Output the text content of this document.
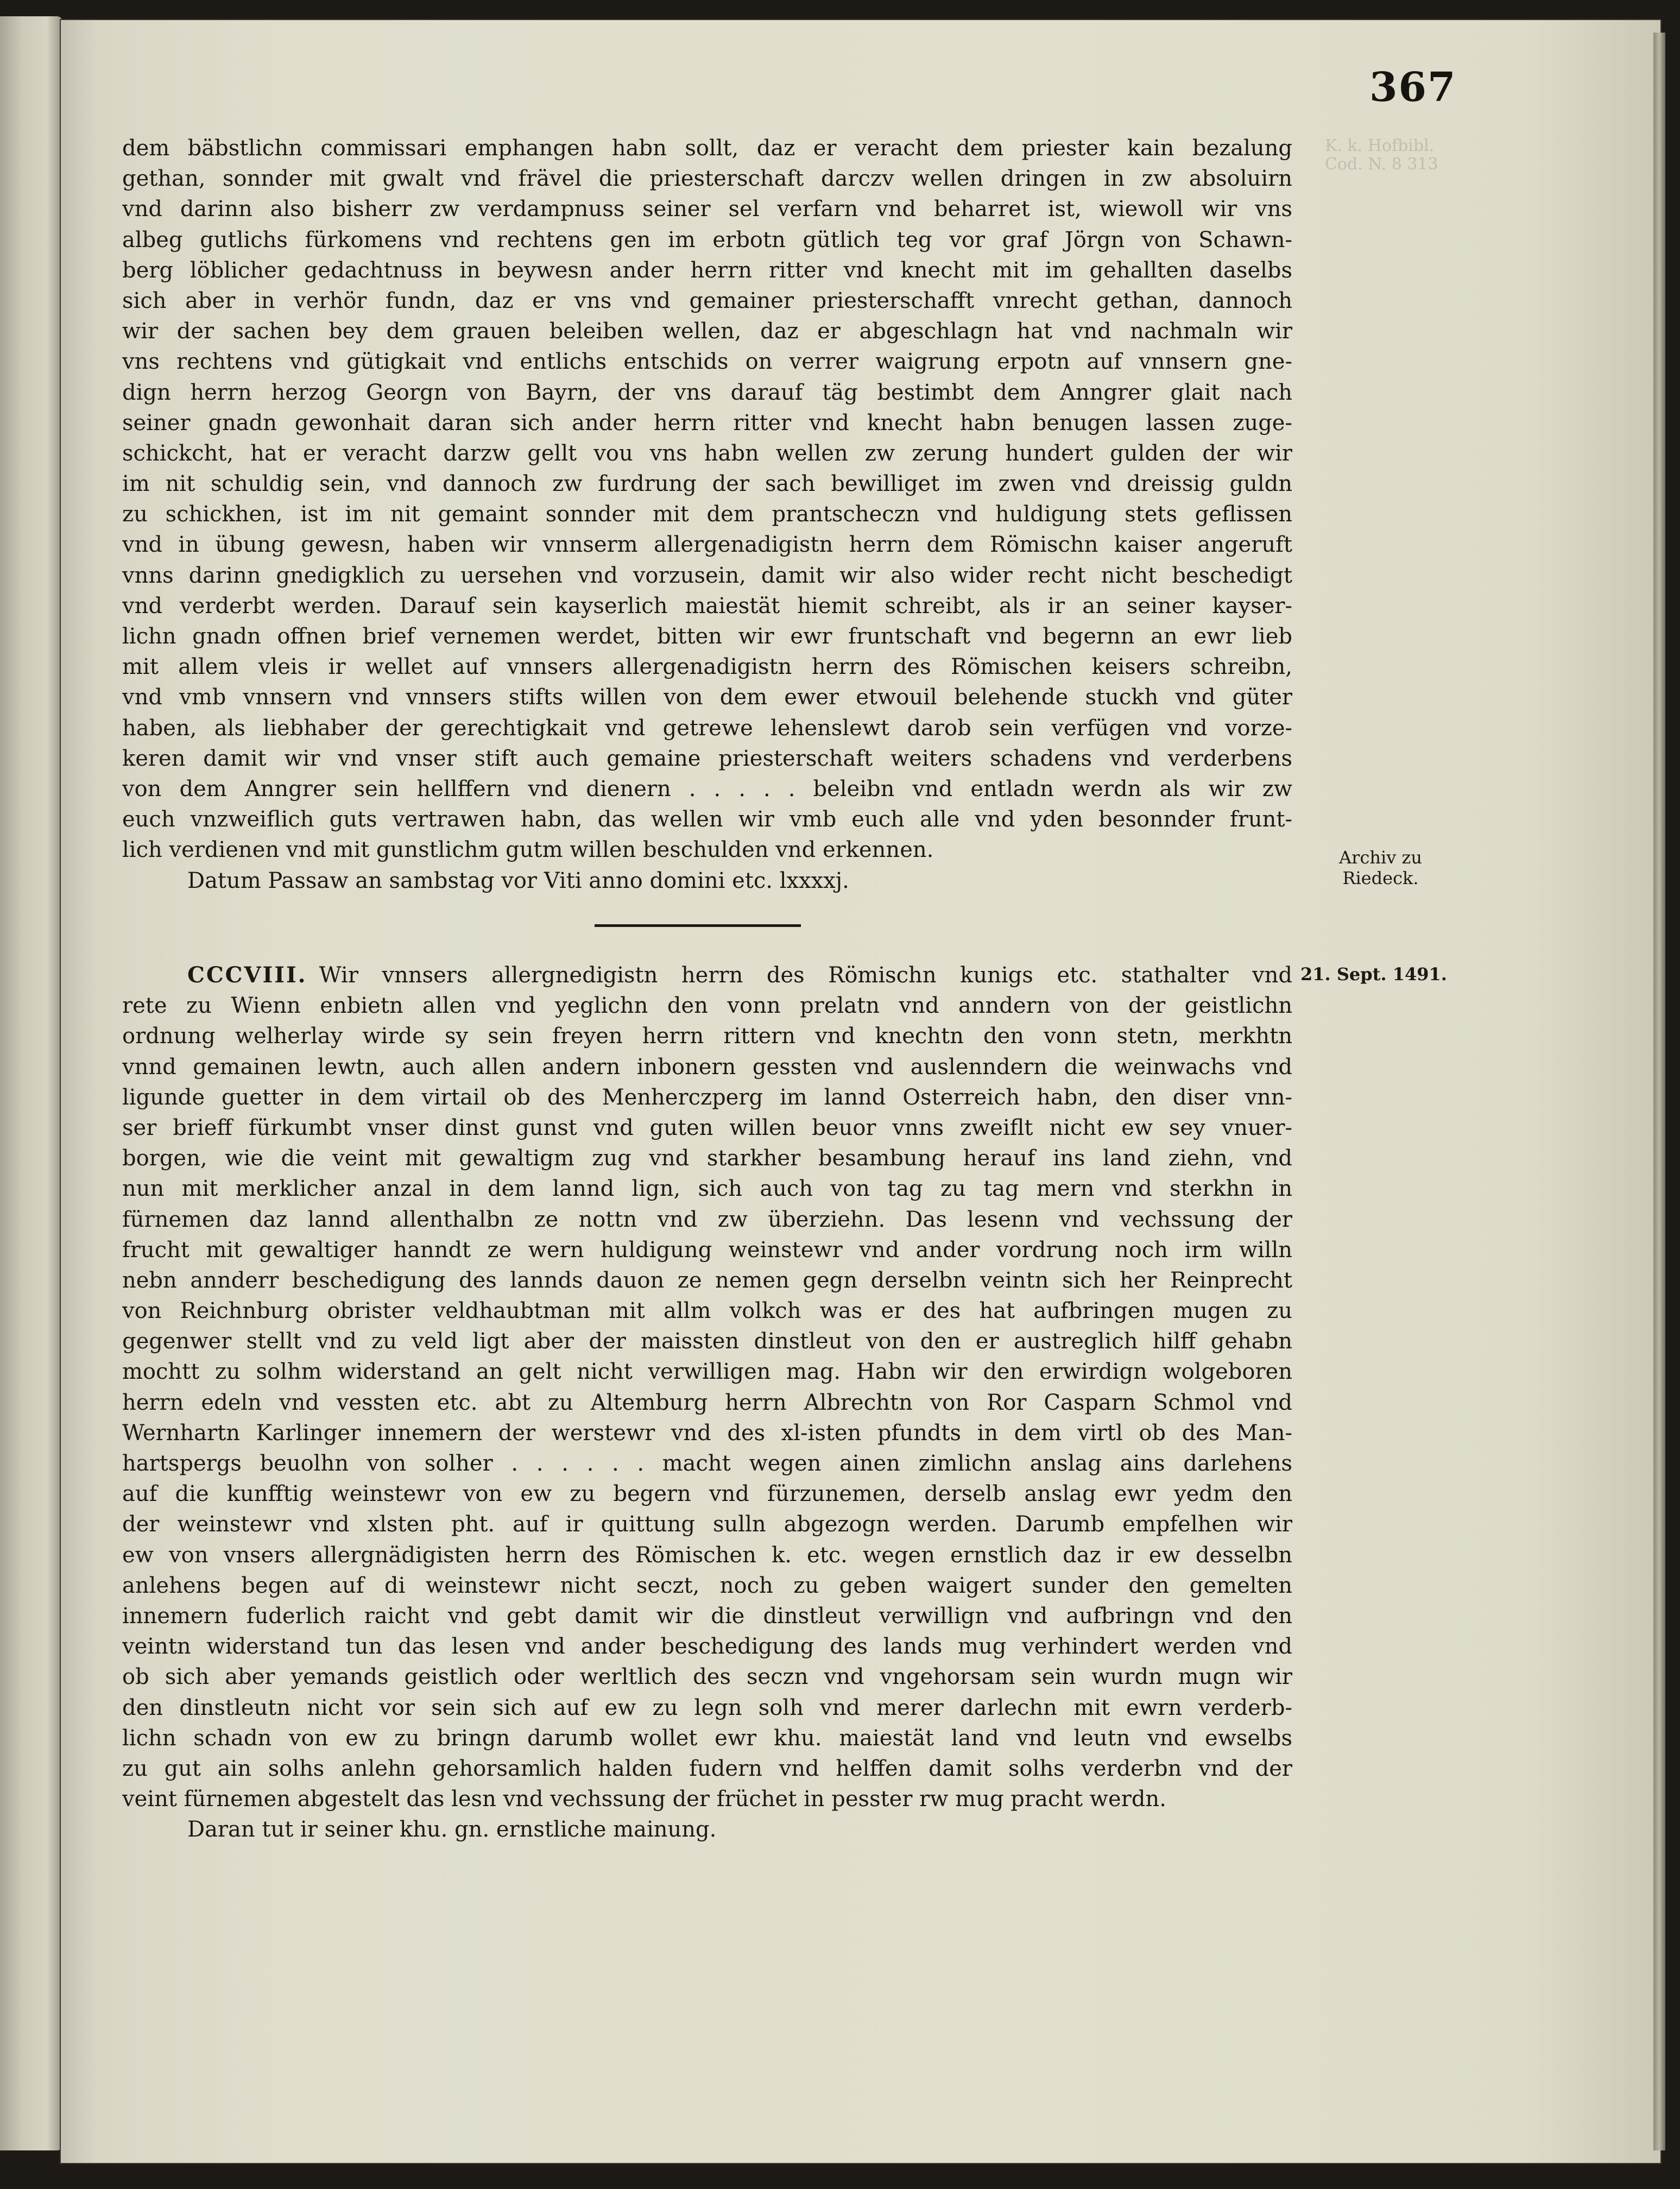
367
K. k. Hofbibl.
Cod. N. 8 313
dem bäbstlichn commissari emphangen habn sollt, daz er veracht dem priester kain bezalung
gethan, sonnder mit gwalt vnd frävel die priesterschaft darczv wellen dringen in zw absoluirn
vnd darinn also bisherr zw verdampnuss seiner sel verfarn vnd beharret ist, wiewoll wir vns
albeg gutlichs fürkomens vnd rechtens gen im erbotn gütlich teg vor graf Jörgn von Schawn-
berg löblicher gedachtnuss in beywesn ander herrn ritter vnd knecht mit im gehallten daselbs
sich aber in verhör fundn, daz er vns vnd gemainer priesterschafft vnrecht gethan, dannoch
wir der sachen bey dem grauen beleiben wellen, daz er abgeschlagn hat vnd nachmaln wir
vns rechtens vnd gütigkait vnd entlichs entschids on verrer waigrung erpotn auf vnnsern gne-
dign herrn herzog Georgn von Bayrn, der vns darauf täg bestimbt dem Anngrer glait nach
seiner gnadn gewonhait daran sich ander herrn ritter vnd knecht habn benugen lassen zuge-
schickcht, hat er veracht darzw gellt vou vns habn wellen zw zerung hundert gulden der wir
im nit schuldig sein, vnd dannoch zw furdrung der sach bewilliget im zwen vnd dreissig guldn
zu schickhen, ist im nit gemaint sonnder mit dem prantscheczn vnd huldigung stets geflissen
vnd in übung gewesn, haben wir vnnserm allergenadigistn herrn dem Römischn kaiser angeruft
vnns darinn gnedigklich zu uersehen vnd vorzusein, damit wir also wider recht nicht beschedigt
vnd verderbt werden. Darauf sein kayserlich maiestät hiemit schreibt, als ir an seiner kayser-
lichn gnadn offnen brief vernemen werdet, bitten wir ewr fruntschaft vnd begernn an ewr lieb
mit allem vleis ir wellet auf vnnsers allergenadigistn herrn des Römischen keisers schreibn,
vnd vmb vnnsern vnd vnnsers stifts willen von dem ewer etwouil belehende stuckh vnd güter
haben, als liebhaber der gerechtigkait vnd getrewe lehenslewt darob sein verfügen vnd vorze-
keren damit wir vnd vnser stift auch gemaine priesterschaft weiters schadens vnd verderbens
von dem Anngrer sein hellffern vnd dienern . . . . . beleibn vnd entladn werdn als wir zw
euch vnzweiflich guts vertrawen habn, das wellen wir vmb euch alle vnd yden besonnder frunt-
lich verdienen vnd mit gunstlichm gutm willen beschulden vnd erkennen.
Datum Passaw an sambstag vor Viti anno domini etc. lxxxxj.
Archiv zu
Riedeck.
21. Sept. 1491.
CCCVIII. Wir vnnsers allergnedigistn herrn des Römischn kunigs etc. stathalter vnd
rete zu Wienn enbietn allen vnd yeglichn den vonn prelatn vnd anndern von der geistlichn
ordnung welherlay wirde sy sein freyen herrn rittern vnd knechtn den vonn stetn, merkhtn
vnnd gemainen lewtn, auch allen andern inbonern gessten vnd auslenndern die weinwachs vnd
ligunde guetter in dem virtail ob des Menherczperg im lannd Osterreich habn, den diser vnn-
ser brieff fürkumbt vnser dinst gunst vnd guten willen beuor vnns zweiflt nicht ew sey vnuer-
borgen, wie die veint mit gewaltigm zug vnd starkher besambung herauf ins land ziehn, vnd
nun mit merklicher anzal in dem lannd lign, sich auch von tag zu tag mern vnd sterkhn in
fürnemen daz lannd allenthalbn ze nottn vnd zw überziehn. Das lesenn vnd vechssung der
frucht mit gewaltiger hanndt ze wern huldigung weinstewr vnd ander vordrung noch irm willn
nebn annderr beschedigung des lannds dauon ze nemen gegn derselbn veintn sich her Reinprecht
von Reichnburg obrister veldhaubtman mit allm volkch was er des hat aufbringen mugen zu
gegenwer stellt vnd zu veld ligt aber der maissten dinstleut von den er austreglich hilff gehabn
mochtt zu solhm widerstand an gelt nicht verwilligen mag. Habn wir den erwirdign wolgeboren
herrn edeln vnd vessten etc. abt zu Altemburg herrn Albrechtn von Ror Casparn Schmol vnd
Wernhartn Karlinger innemern der werstewr vnd des xl-isten pfundts in dem virtl ob des Man-
hartspergs beuolhn von solher . . . . . . macht wegen ainen zimlichn anslag ains darlehens
auf die kunfftig weinstewr von ew zu begern vnd fürzunemen, derselb anslag ewr yedm den
der weinstewr vnd xlsten pht. auf ir quittung sulln abgezogn werden. Darumb empfelhen wir
ew von vnsers allergnädigisten herrn des Römischen k. etc. wegen ernstlich daz ir ew desselbn
anlehens begen auf di weinstewr nicht seczt, noch zu geben waigert sunder den gemelten
innemern fuderlich raicht vnd gebt damit wir die dinstleut verwillign vnd aufbringn vnd den
veintn widerstand tun das lesen vnd ander beschedigung des lands mug verhindert werden vnd
ob sich aber yemands geistlich oder werltlich des seczn vnd vngehorsam sein wurdn mugn wir
den dinstleutn nicht vor sein sich auf ew zu legn solh vnd merer darlechn mit ewrn verderb-
lichn schadn von ew zu bringn darumb wollet ewr khu. maiestät land vnd leutn vnd ewselbs
zu gut ain solhs anlehn gehorsamlich halden fudern vnd helffen damit solhs verderbn vnd der
veint fürnemen abgestelt das lesn vnd vechssung der früchet in pesster rw mug pracht werdn.
Daran tut ir seiner khu. gn. ernstliche mainung.
